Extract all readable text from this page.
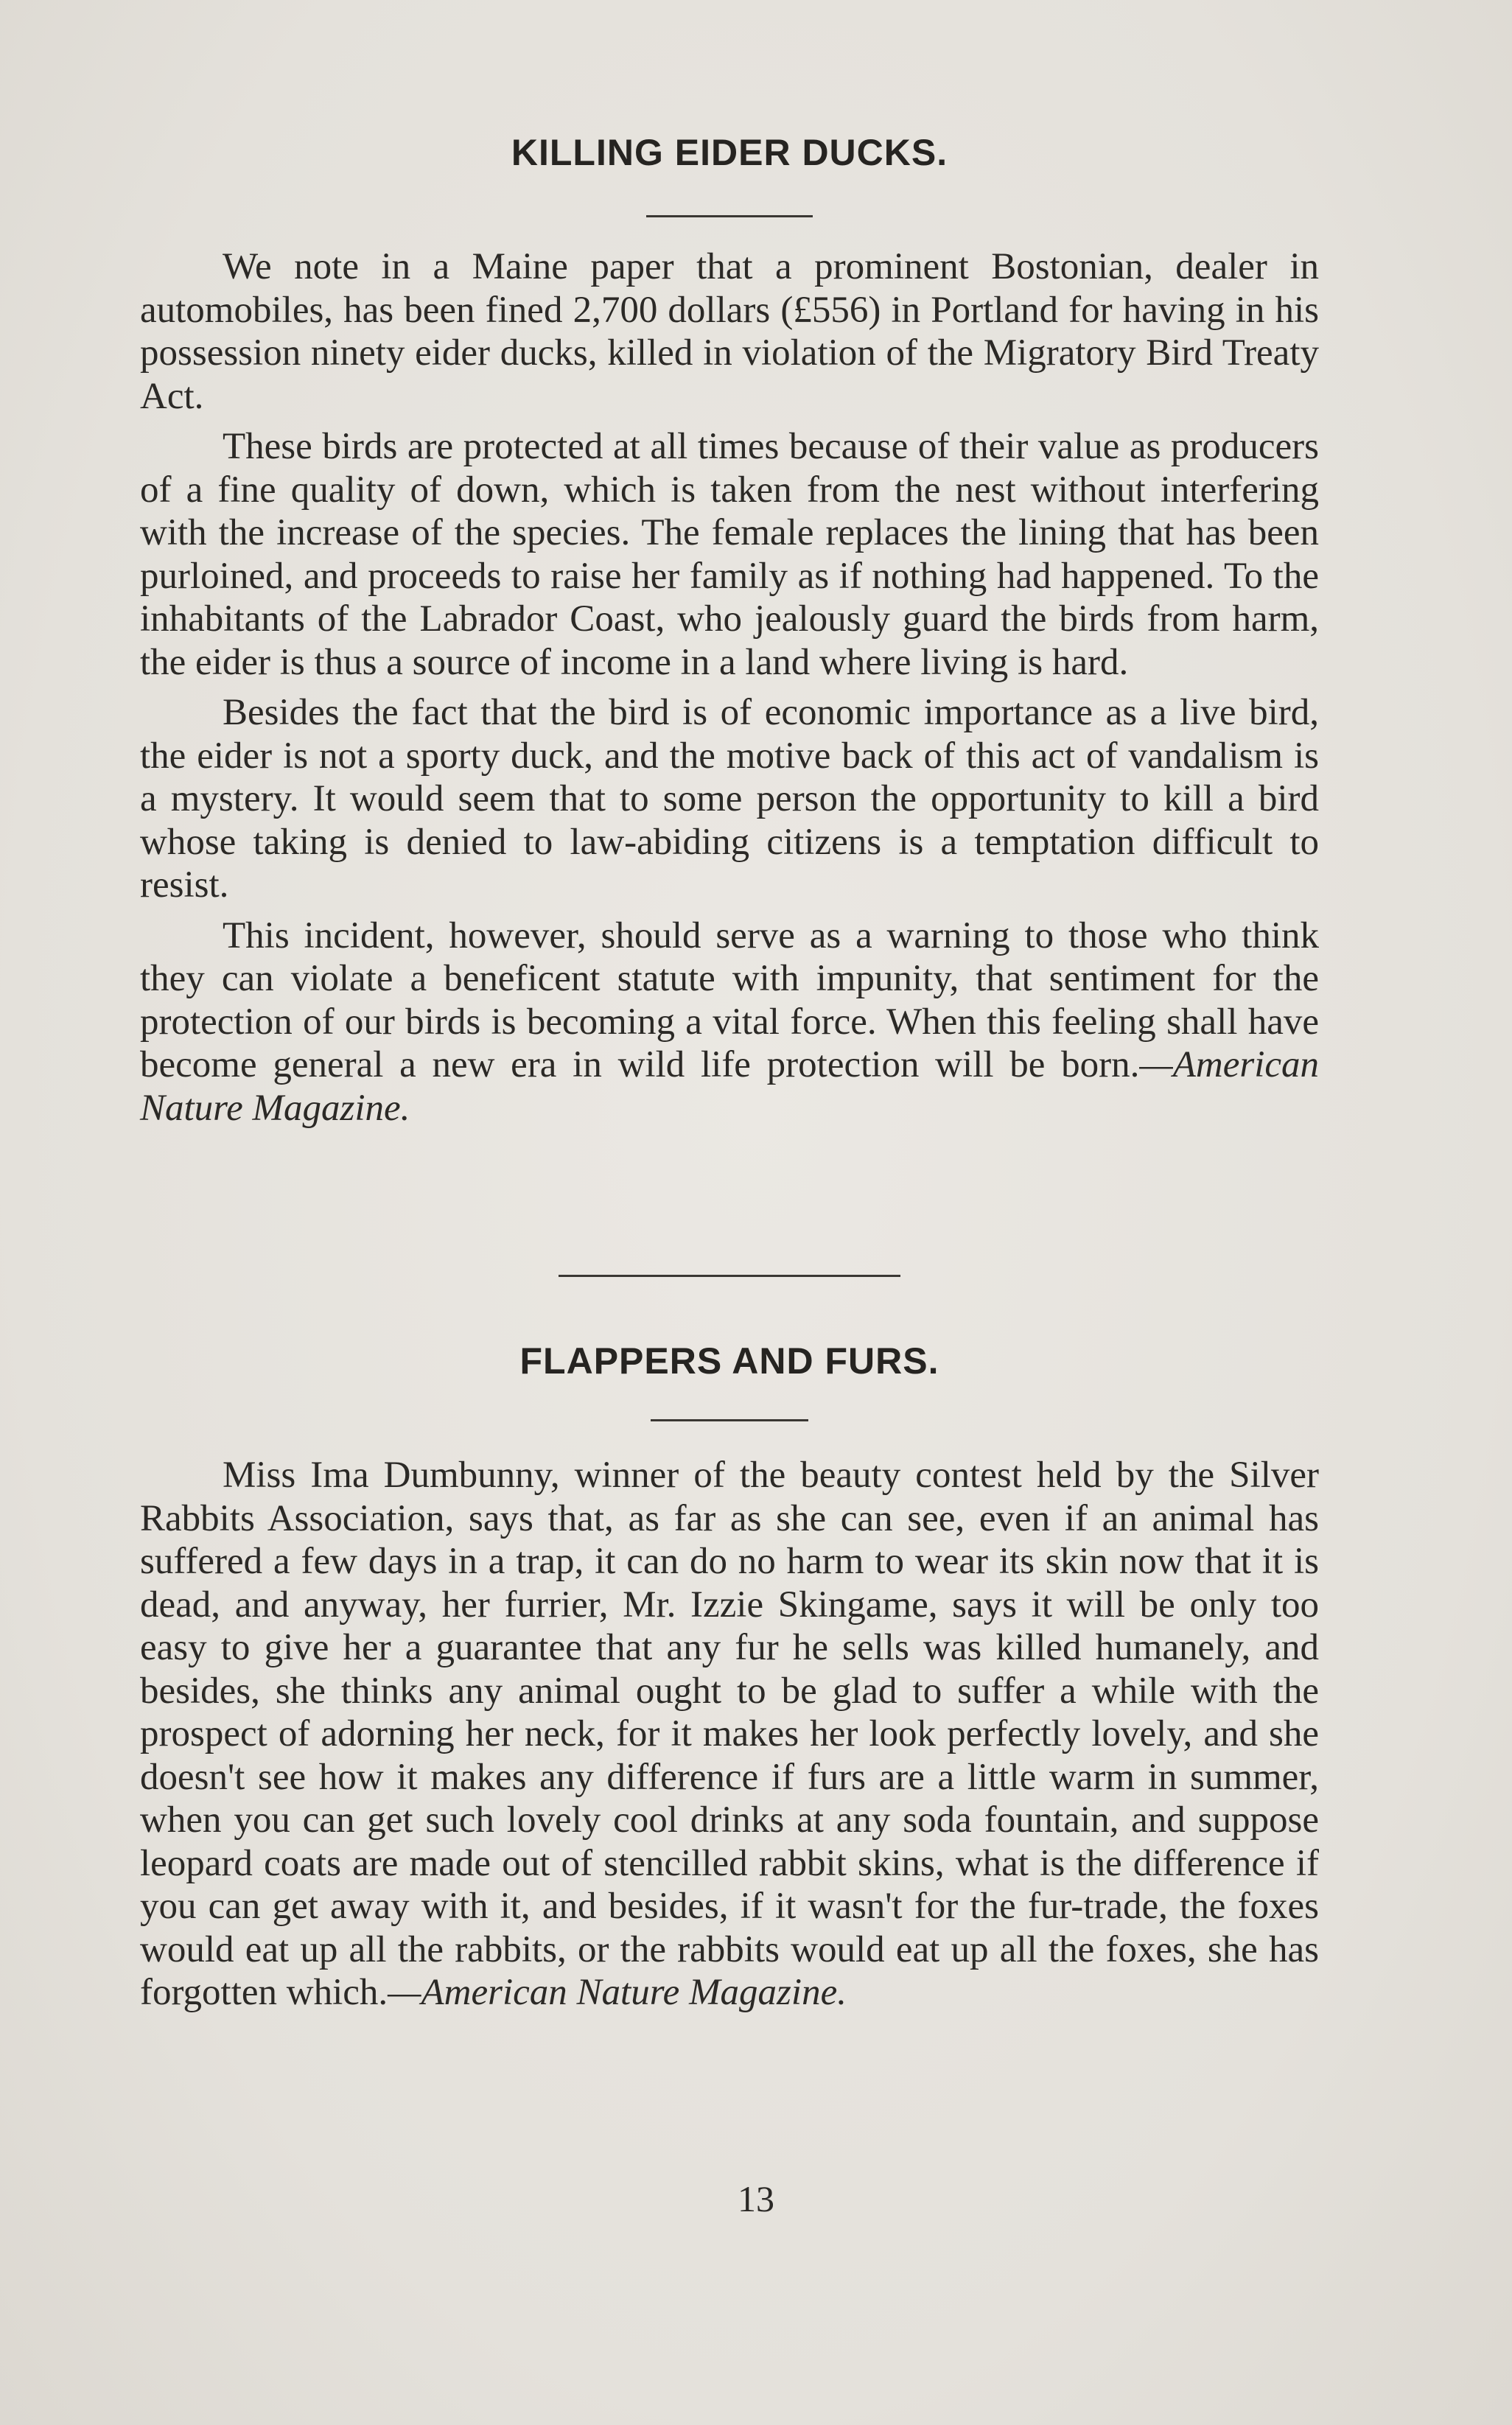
KILLING EIDER DUCKS.

We note in a Maine paper that a prominent Bostonian, dealer in automobiles, has been fined 2,700 dollars (£556) in Portland for having in his possession ninety eider ducks, killed in violation of the Migratory Bird Treaty Act.

These birds are protected at all times because of their value as producers of a fine quality of down, which is taken from the nest without interfering with the increase of the species. The female replaces the lining that has been purloined, and proceeds to raise her family as if nothing had happened. To the inhabitants of the Labrador Coast, who jealously guard the birds from harm, the eider is thus a source of income in a land where living is hard.

Besides the fact that the bird is of economic importance as a live bird, the eider is not a sporty duck, and the motive back of this act of vandalism is a mystery. It would seem that to some person the opportunity to kill a bird whose taking is denied to law-abiding citizens is a temptation difficult to resist.

This incident, however, should serve as a warning to those who think they can violate a beneficent statute with impunity, that sentiment for the protection of our birds is becoming a vital force. When this feeling shall have become general a new era in wild life protection will be born.—American Nature Magazine.

FLAPPERS AND FURS.

Miss Ima Dumbunny, winner of the beauty contest held by the Silver Rabbits Association, says that, as far as she can see, even if an animal has suffered a few days in a trap, it can do no harm to wear its skin now that it is dead, and anyway, her furrier, Mr. Izzie Skingame, says it will be only too easy to give her a guarantee that any fur he sells was killed humanely, and besides, she thinks any animal ought to be glad to suffer a while with the prospect of adorning her neck, for it makes her look perfectly lovely, and she doesn't see how it makes any difference if furs are a little warm in summer, when you can get such lovely cool drinks at any soda fountain, and suppose leopard coats are made out of stencilled rabbit skins, what is the difference if you can get away with it, and besides, if it wasn't for the fur-trade, the foxes would eat up all the rabbits, or the rabbits would eat up all the foxes, she has forgotten which.—American Nature Magazine.

13
